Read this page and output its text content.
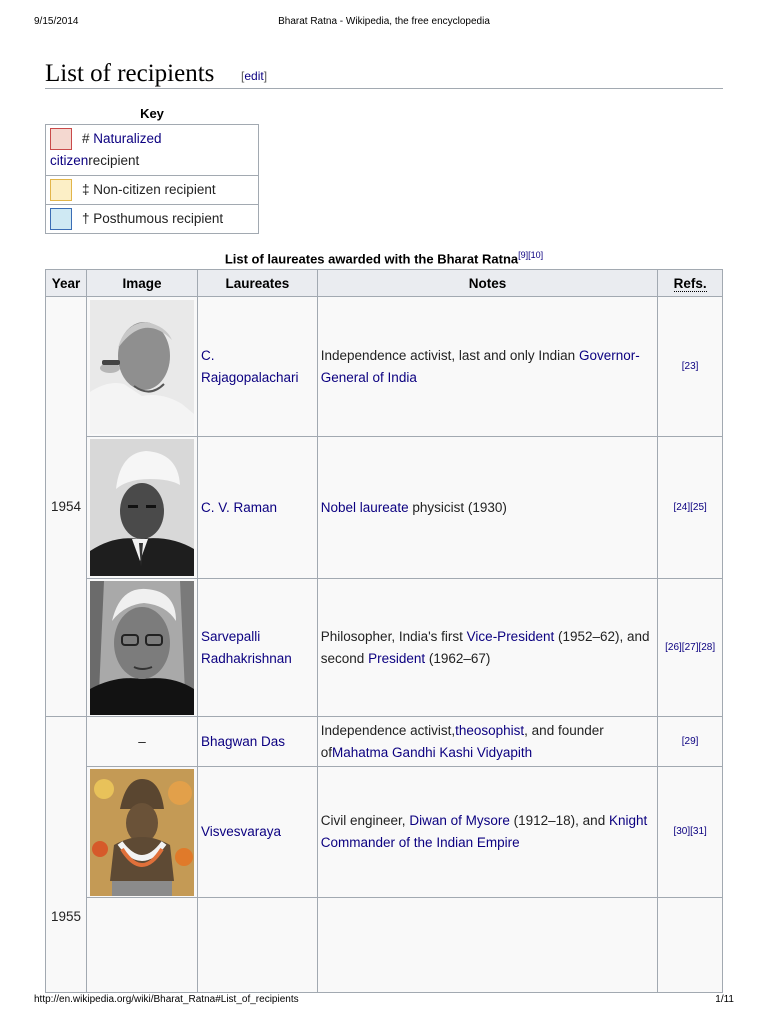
9/15/2014	Bharat Ratna - Wikipedia, the free encyclopedia
List of recipients [edit]
Key
# Naturalized citizenrecipient
‡ Non-citizen recipient
† Posthumous recipient
List of laureates awarded with the Bharat Ratna[9][10]
Year	Image	Laureates	Notes	Refs.
1954		C. Rajagopalachari	Independence activist, last and only Indian Governor-General of India	[23]

	C. V. Raman	Nobel laureate physicist (1930)	[24][25]

	Sarvepalli Radhakrishnan	Philosopher, India's first Vice-President (1952–62), and second President (1962–67)	[26][27][28]
1955	–	Bhagwan Das	Independence activist,theosophist, and founder ofMahatma Gandhi Kashi Vidyapith	[29]

	Visvesvaraya	Civil engineer, Diwan of Mysore (1912–18), and Knight Commander of the Indian Empire	[30][31]

http://en.wikipedia.org/wiki/Bharat_Ratna#List_of_recipients	1/11
